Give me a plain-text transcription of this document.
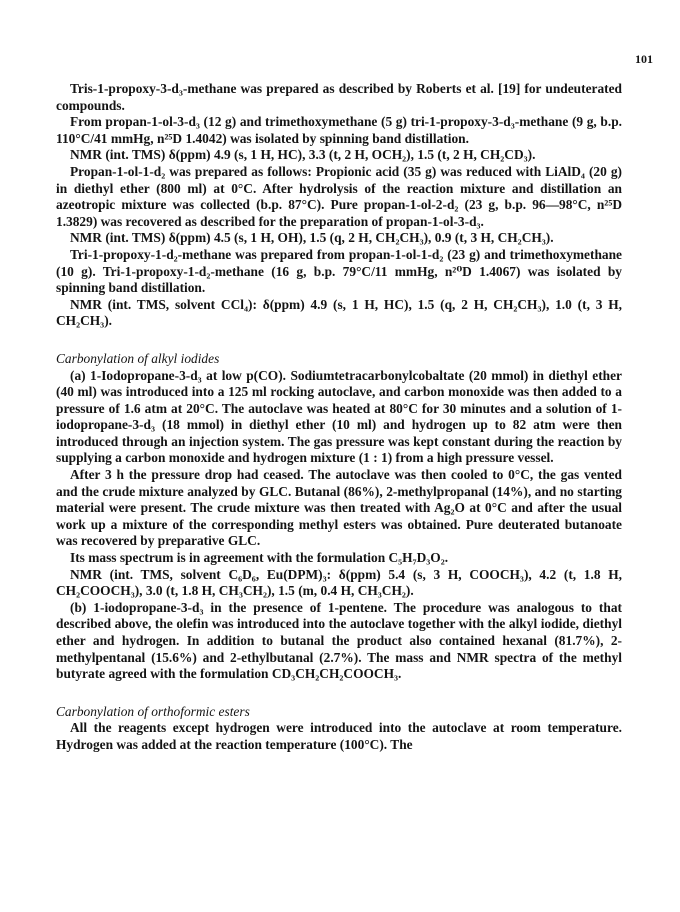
101

Tris-1-propoxy-3-d₃-methane was prepared as described by Roberts et al. [19] for undeuterated compounds.

From propan-1-ol-3-d₃ (12 g) and trimethoxymethane (5 g) tri-1-propoxy-3-d₃-methane (9 g, b.p. 110°C/41 mmHg, n²⁵D 1.4042) was isolated by spinning band distillation.

NMR (int. TMS) δ(ppm) 4.9 (s, 1 H, HC), 3.3 (t, 2 H, OCH₂), 1.5 (t, 2 H, CH₂CD₃).

Propan-1-ol-1-d₂ was prepared as follows: Propionic acid (35 g) was reduced with LiAlD₄ (20 g) in diethyl ether (800 ml) at 0°C. After hydrolysis of the reaction mixture and distillation an azeotropic mixture was collected (b.p. 87°C). Pure propan-1-ol-2-d₂ (23 g, b.p. 96—98°C, n²⁵D 1.3829) was recovered as described for the preparation of propan-1-ol-3-d₃.

NMR (int. TMS) δ(ppm) 4.5 (s, 1 H, OH), 1.5 (q, 2 H, CH₂CH₃), 0.9 (t, 3 H, CH₂CH₃).

Tri-1-propoxy-1-d₂-methane was prepared from propan-1-ol-1-d₂ (23 g) and trimethoxymethane (10 g). Tri-1-propoxy-1-d₂-methane (16 g, b.p. 79°C/11 mmHg, n²⁰D 1.4067) was isolated by spinning band distillation.

NMR (int. TMS, solvent CCl₄): δ(ppm) 4.9 (s, 1 H, HC), 1.5 (q, 2 H, CH₂CH₃), 1.0 (t, 3 H, CH₂CH₃).

Carbonylation of alkyl iodides

(a) 1-Iodopropane-3-d₃ at low p(CO). Sodiumtetracarbonylcobaltate (20 mmol) in diethyl ether (40 ml) was introduced into a 125 ml rocking autoclave, and carbon monoxide was then added to a pressure of 1.6 atm at 20°C. The autoclave was heated at 80°C for 30 minutes and a solution of 1-iodopropane-3-d₃ (18 mmol) in diethyl ether (10 ml) and hydrogen up to 82 atm were then introduced through an injection system. The gas pressure was kept constant during the reaction by supplying a carbon monoxide and hydrogen mixture (1 : 1) from a high pressure vessel.

After 3 h the pressure drop had ceased. The autoclave was then cooled to 0°C, the gas vented and the crude mixture analyzed by GLC. Butanal (86%), 2-methylpropanal (14%), and no starting material were present. The crude mixture was then treated with Ag₂O at 0°C and after the usual work up a mixture of the corresponding methyl esters was obtained. Pure deuterated butanoate was recovered by preparative GLC.

Its mass spectrum is in agreement with the formulation C₅H₇D₃O₂.

NMR (int. TMS, solvent C₆D₆, Eu(DPM)₃: δ(ppm) 5.4 (s, 3 H, COOCH₃), 4.2 (t, 1.8 H, CH₂COOCH₃), 3.0 (t, 1.8 H, CH₃CH₂), 1.5 (m, 0.4 H, CH₃CH₂).

(b) 1-iodopropane-3-d₃ in the presence of 1-pentene. The procedure was analogous to that described above, the olefin was introduced into the autoclave together with the alkyl iodide, diethyl ether and hydrogen. In addition to butanal the product also contained hexanal (81.7%), 2-methylpentanal (15.6%) and 2-ethylbutanal (2.7%). The mass and NMR spectra of the methyl butyrate agreed with the formulation CD₃CH₂CH₂COOCH₃.

Carbonylation of orthoformic esters

All the reagents except hydrogen were introduced into the autoclave at room temperature. Hydrogen was added at the reaction temperature (100°C). The
